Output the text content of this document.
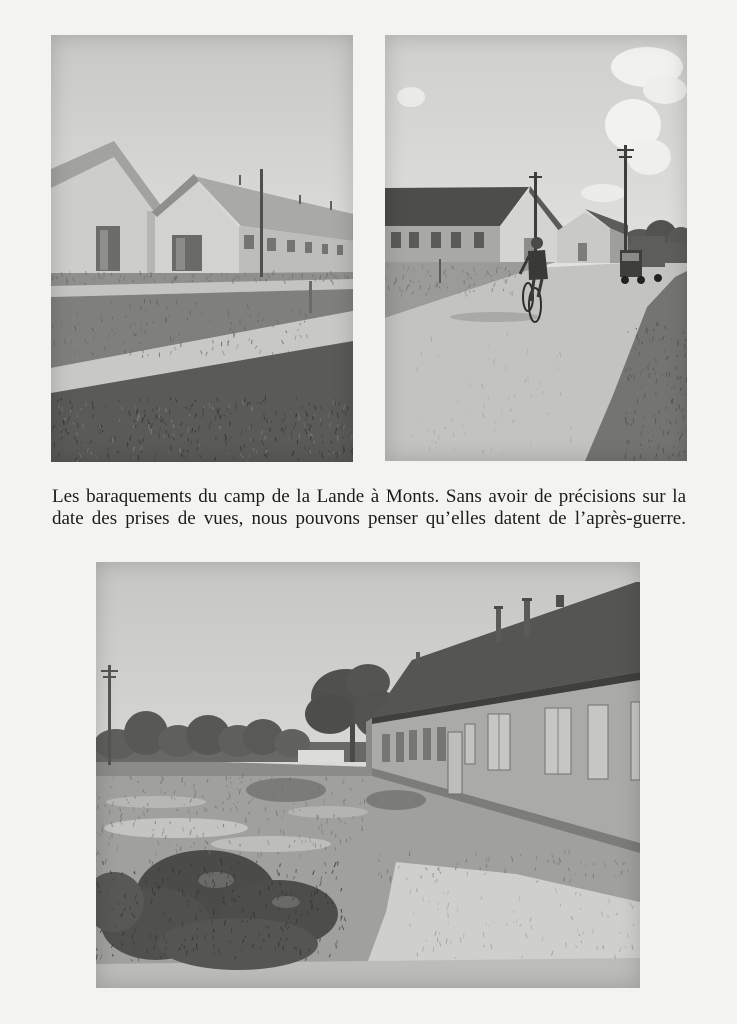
Les baraquements du camp de la Lande à Monts. Sans avoir de précisions sur la
date des prises de vues, nous pouvons penser qu’elles datent de l’après-guerre.
